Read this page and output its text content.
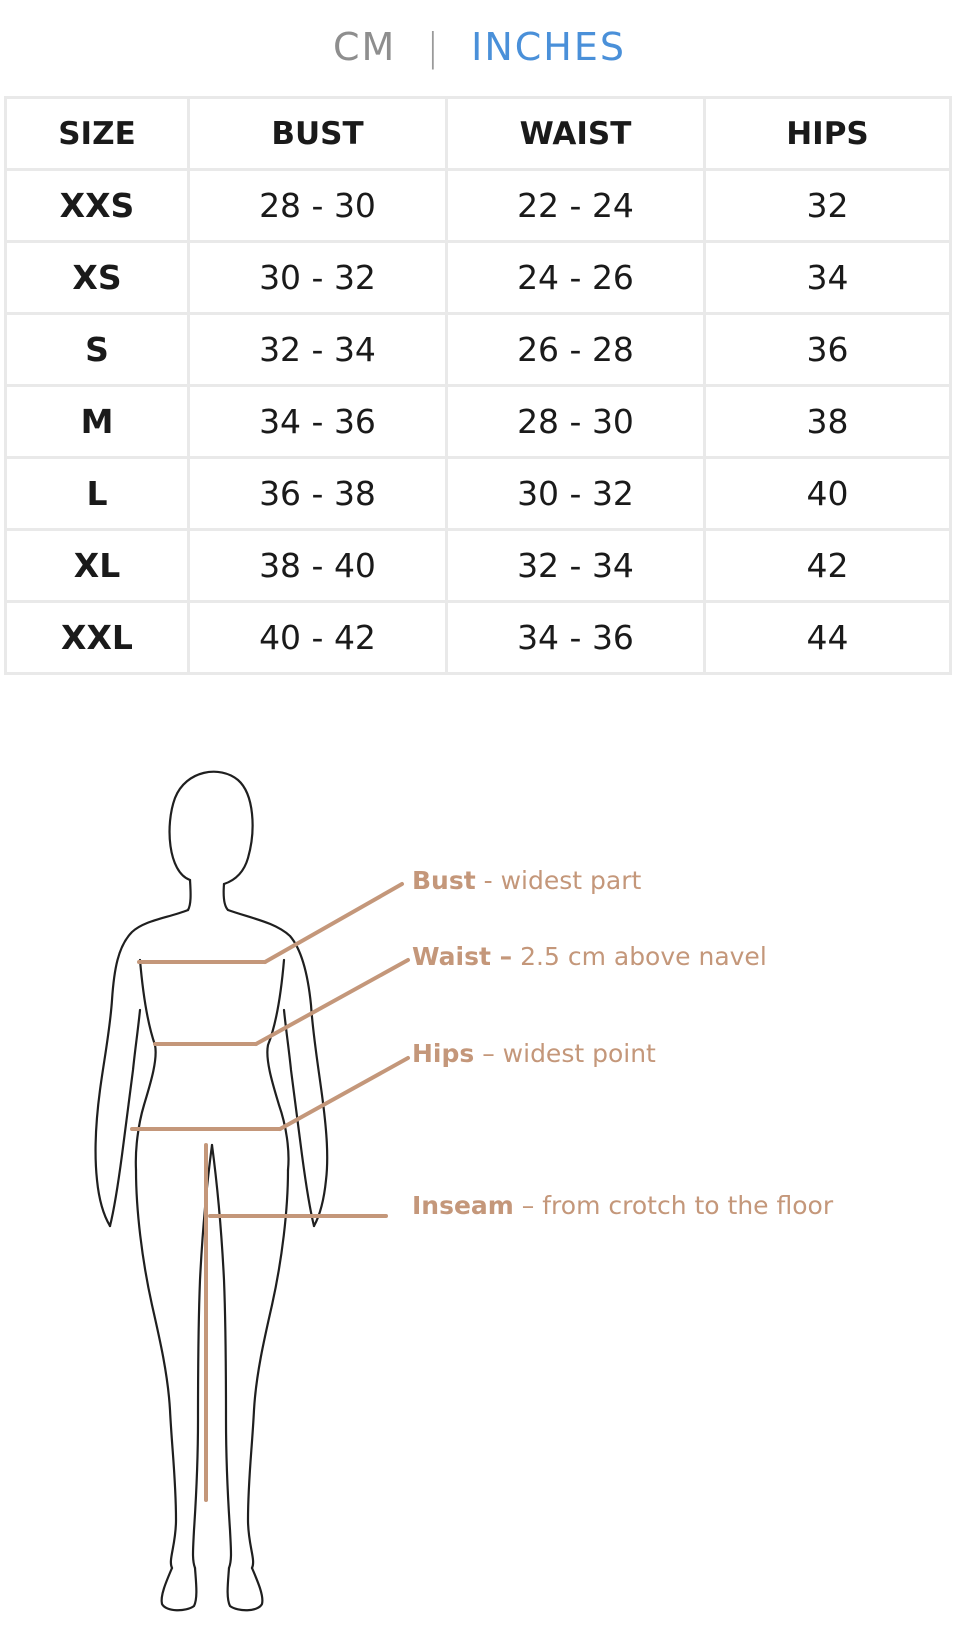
CM | INCHES
SIZE	BUST	WAIST	HIPS
XXS	28 - 30	22 - 24	32
XS	30 - 32	24 - 26	34
S	32 - 34	26 - 28	36
M	34 - 36	28 - 30	38
L	36 - 38	30 - 32	40
XL	38 - 40	32 - 34	42
XXL	40 - 42	34 - 36	44
Bust - widest part
Waist – 2.5 cm above navel
Hips – widest point
Inseam – from crotch to the floor
